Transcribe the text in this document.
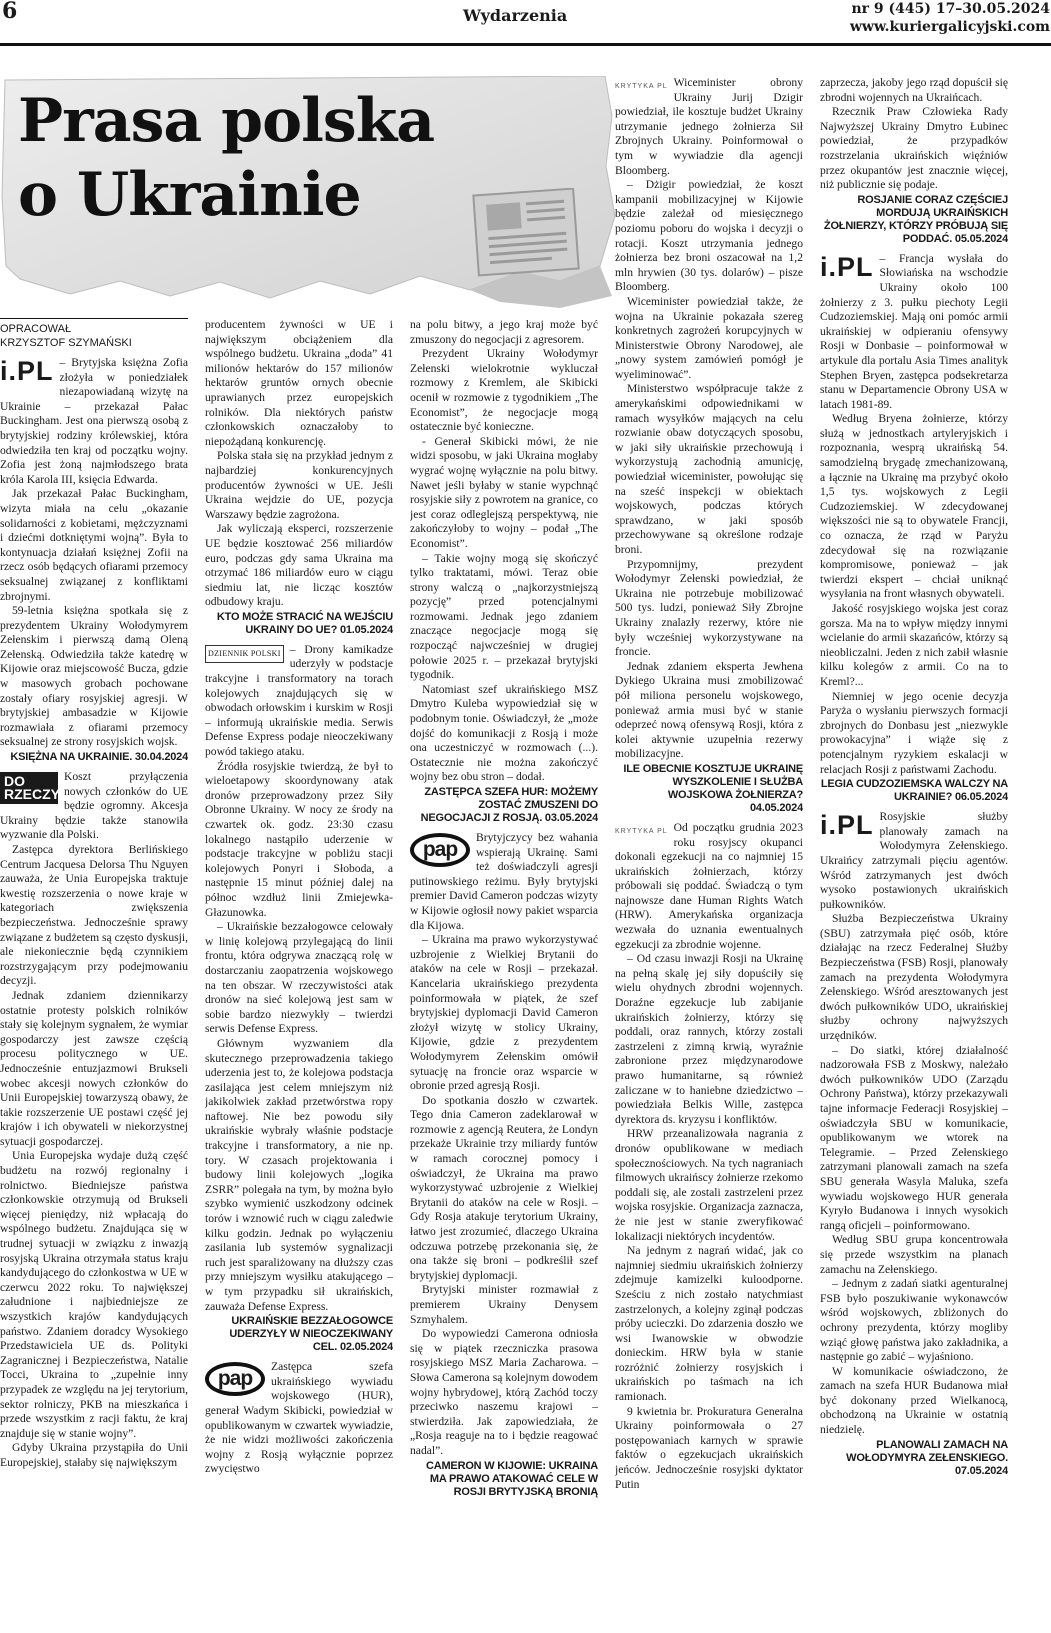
6	Wydarzenia	nr 9 (445) 17–30.05.2024
www.kuriergalicyjski.com
Prasa polska
o Ukrainie
OPRACOWAŁ
KRZYSZTOF SZYMAŃSKI
i.PL – Brytyjska księżna Zofia złożyła w poniedziałek niezapowiadaną wizytę na Ukrainie – przekazał Pałac Buckingham. Jest ona pierwszą osobą z brytyjskiej rodziny królewskiej, która odwiedziła ten kraj od początku wojny. Zofia jest żoną najmłodszego brata króla Karola III, księcia Edwarda.

Jak przekazał Pałac Buckingham, wizyta miała na celu „okazanie solidarności z kobietami, mężczyznami i dziećmi dotkniętymi wojną”. Była to kontynuacja działań księżnej Zofii na rzecz osób będących ofiarami przemocy seksualnej związanej z konfliktami zbrojnymi.

59-letnia księżna spotkała się z prezydentem Ukrainy Wołodymyrem Zełenskim i pierwszą damą Oleną Zełenską. Odwiedziła także katedrę w Kijowie oraz miejscowość Bucza, gdzie w masowych grobach pochowane zostały ofiary rosyjskiej agresji. W brytyjskiej ambasadzie w Kijowie rozmawiała z ofiarami przemocy seksualnej ze strony rosyjskich wojsk.

KSIĘŻNA NA UKRAINIE. 30.04.2024

DO RZECZY

Koszt przyłączenia nowych członków do UE będzie ogromny. Akcesja Ukrainy będzie także stanowiła wyzwanie dla Polski.

Zastępca dyrektora Berlińskiego Centrum Jacquesa Delorsa Thu Nguyen zauważa, że Unia Europejska traktuje kwestię rozszerzenia o nowe kraje w kategoriach zwiększenia bezpieczeństwa. Jednocześnie sprawy związane z budżetem są często dyskusji, ale niekoniecznie będą czynnikiem rozstrzygającym przy podejmowaniu decyzji.

Jednak zdaniem dziennikarzy ostatnie protesty polskich rolników stały się kolejnym sygnałem, że wymiar gospodarczy jest zawsze częścią procesu politycznego w UE. Jednocześnie entuzjazmowi Brukseli wobec akcesji nowych członków do Unii Europejskiej towarzyszą obawy, że takie rozszerzenie UE postawi część jej krajów i ich obywateli w niekorzystnej sytuacji gospodarczej.

Unia Europejska wydaje dużą część budżetu na rozwój regionalny i rolnictwo. Biedniejsze państwa członkowskie otrzymują od Brukseli więcej pieniędzy, niż wpłacają do wspólnego budżetu. Znajdująca się w trudnej sytuacji w związku z inwazją rosyjską Ukraina otrzymała status kraju kandydującego do członkostwa w UE w czerwcu 2022 roku. To największej załudnione i najbiedniejsze ze wszystkich krajów kandydujących państwo. Zdaniem doradcy Wysokiego Przedstawiciela UE ds. Polityki Zagranicznej i Bezpieczeństwa, Natalie Tocci, Ukraina to „zupełnie inny przypadek ze względu na jej terytorium, sektor rolniczy, PKB na mieszkańca i przede wszystkim z racji faktu, że kraj znajduje się w stanie wojny”.

Gdyby Ukraina przystąpiła do Unii Europejskiej, stałaby się największym

producentem żywności w UE i największym obciążeniem dla wspólnego budżetu. Ukraina „doda” 41 milionów hektarów do 157 milionów hektarów gruntów ornych obecnie uprawianych przez europejskich rolników. Dla niektórych państw członkowskich oznaczałoby to niepożądaną konkurencję.

Polska stała się na przykład jednym z najbardziej konkurencyjnych producentów żywności w UE. Jeśli Ukraina wejdzie do UE, pozycja Warszawy będzie zagrożona.

Jak wyliczają eksperci, rozszerzenie UE będzie kosztować 256 miliardów euro, podczas gdy sama Ukraina ma otrzymać 186 miliardów euro w ciągu siedmiu lat, nie licząc kosztów odbudowy kraju.

KTO MOŻE STRACIĆ NA WEJŚCIU UKRAINY DO UE? 01.05.2024

DZIENNIK POLSKI – Drony kamikadze uderzyły w podstacje trakcyjne i transformatory na torach kolejowych znajdujących się w obwodach orłowskim i kurskim w Rosji – informują ukraińskie media. Serwis Defense Express podaje nieoczekiwany powód takiego ataku.

Źródła rosyjskie twierdzą, że był to wieloetapowy skoordynowany atak dronów przeprowadzony przez Siły Obronne Ukrainy. W nocy ze środy na czwartek ok. godz. 23:30 czasu lokalnego nastąpiło uderzenie w podstacje trakcyjne w pobliżu stacji kolejowych Ponyri i Słoboda, a następnie 15 minut później dalej na północ wzdłuż linii Zmiejewka-Głazunowka.

– Ukraińskie bezzałogowce celowały w linię kolejową przylegającą do linii frontu, która odgrywa znaczącą rolę w dostarczaniu zaopatrzenia wojskowego na ten obszar. W rzeczywistości atak dronów na sieć kolejową jest sam w sobie bardzo niezwykły – twierdzi serwis Defense Express.

Głównym wyzwaniem dla skutecznego przeprowadzenia takiego uderzenia jest to, że kolejowa podstacja zasilająca jest celem mniejszym niż jakikolwiek zakład przetwórstwa ropy naftowej. Nie bez powodu siły ukraińskie wybrały właśnie podstacje trakcyjne i transformatory, a nie np. tory. W czasach projektowania i budowy linii kolejowych „logika ZSRR” polegała na tym, by można było szybko wymienić uszkodzony odcinek torów i wznowić ruch w ciągu zaledwie kilku godzin. Jednak po wyłączeniu zasilania lub systemów sygnalizacji ruch jest sparaliżowany na dłuższy czas przy mniejszym wysiłku atakującego – w tym przypadku sił ukraińskich, zauważa Defense Express.

UKRAIŃSKIE BEZZAŁOGOWCE UDERZYŁY W NIEOCZEKIWANY CEL. 02.05.2024

pap

Zastępca szefa ukraińskiego wywiadu wojskowego (HUR), generał Wadym Skibicki, powiedział w opublikowanym w czwartek wywiadzie, że nie widzi możliwości zakończenia wojny z Rosją wyłącznie poprzez zwycięstwo

na polu bitwy, a jego kraj może być zmuszony do negocjacji z agresorem.

Prezydent Ukrainy Wołodymyr Zełenski wielokrotnie wykluczał rozmowy z Kremlem, ale Skibicki ocenił w rozmowie z tygodnikiem „The Economist”, że negocjacje mogą ostatecznie być konieczne.

- Generał Skibicki mówi, że nie widzi sposobu, w jaki Ukraina mogłaby wygrać wojnę wyłącznie na polu bitwy. Nawet jeśli byłaby w stanie wypchnąć rosyjskie siły z powrotem na granice, co jest coraz odleglejszą perspektywą, nie zakończyłoby to wojny – podał „The Economist”.

– Takie wojny mogą się skończyć tylko traktatami, mówi. Teraz obie strony walczą o „najkorzystniejszą pozycję” przed potencjalnymi rozmowami. Jednak jego zdaniem znaczące negocjacje mogą się rozpocząć najwcześniej w drugiej połowie 2025 r. – przekazał brytyjski tygodnik.

Natomiast szef ukraińskiego MSZ Dmytro Kuleba wypowiedział się w podobnym tonie. Oświadczył, że „może dojść do komunikacji z Rosją i może ona uczestniczyć w rozmowach (...). Ostatecznie nie można zakończyć wojny bez obu stron – dodał.

ZASTĘPCA SZEFA HUR: MOŻEMY ZOSTAĆ ZMUSZENI DO NEGOCJACJI Z ROSJĄ. 03.05.2024

pap

Brytyjczycy bez wahania wspierają Ukrainę. Sami też doświadczyli agresji putinowskiego reżimu. Były brytyjski premier David Cameron podczas wizyty w Kijowie ogłosił nowy pakiet wsparcia dla Kijowa.

– Ukraina ma prawo wykorzystywać uzbrojenie z Wielkiej Brytanii do ataków na cele w Rosji – przekazał. Kancelaria ukraińskiego prezydenta poinformowała w piątek, że szef brytyjskiej dyplomacji David Cameron złożył wizytę w stolicy Ukrainy, Kijowie, gdzie z prezydentem Wołodymyrem Zełenskim omówił sytuację na froncie oraz wsparcie w obronie przed agresją Rosji.

Do spotkania doszło w czwartek. Tego dnia Cameron zadeklarował w rozmowie z agencją Reutera, że Londyn przekaże Ukrainie trzy miliardy funtów w ramach corocznej pomocy i oświadczył, że Ukraina ma prawo wykorzystywać uzbrojenie z Wielkiej Brytanii do ataków na cele w Rosji. – Gdy Rosja atakuje terytorium Ukrainy, łatwo jest zrozumieć, dlaczego Ukraina odczuwa potrzebę przekonania się, że ona także się broni – podkreślił szef brytyjskiej dyplomacji.

Brytyjski minister rozmawiał z premierem Ukrainy Denysem Szmyhalem.

Do wypowiedzi Camerona odniosła się w piątek rzeczniczka prasowa rosyjskiego MSZ Maria Zacharowa. – Słowa Camerona są kolejnym dowodem wojny hybrydowej, którą Zachód toczy przeciwko naszemu krajowi – stwierdziła. Jak zapowiedziała, że „Rosja reaguje na to i będzie reagować nadal”.

CAMERON W KIJOWIE: UKRAINA MA PRAWO ATAKOWAĆ CELE W ROSJI BRYTYJSKĄ BRONIĄ

KRYTYKA PL Wiceminister obrony Ukrainy Jurij Dzigir powiedział, ile kosztuje budżet Ukrainy utrzymanie jednego żołnierza Sił Zbrojnych Ukrainy. Poinformował o tym w wywiadzie dla agencji Bloomberg.

– Dżigir powiedział, że koszt kampanii mobilizacyjnej w Kijowie będzie zależał od miesięcznego poziomu poboru do wojska i decyzji o rotacji. Koszt utrzymania jednego żołnierza bez broni oszacował na 1,2 mln hrywien (30 tys. dolarów) – pisze Bloomberg.

Wiceminister powiedział także, że wojna na Ukrainie pokazała szereg konkretnych zagrożeń korupcyjnych w Ministerstwie Obrony Narodowej, ale „nowy system zamówień pomógł je wyeliminować”.

Ministerstwo współpracuje także z amerykańskimi odpowiednikami w ramach wysyłków mających na celu rozwianie obaw dotyczących sposobu, w jaki siły ukraińskie przechowują i wykorzystują zachodnią amunicję, powiedział wiceminister, powołując się na sześć inspekcji w obiektach wojskowych, podczas których sprawdzano, w jaki sposób przechowywane są określone rodzaje broni.

Przypomnijmy, prezydent Wołodymyr Zełenski powiedział, że Ukraina nie potrzebuje mobilizować 500 tys. ludzi, ponieważ Siły Zbrojne Ukrainy znalazły rezerwy, które nie były wcześniej wykorzystywane na froncie.

Jednak zdaniem eksperta Jewhena Dykiego Ukraina musi zmobilizować pół miliona personelu wojskowego, ponieważ armia musi być w stanie odeprzeć nową ofensywą Rosji, która z kolei aktywnie uzupełnia rezerwy mobilizacyjne.

ILE OBECNIE KOSZTUJE UKRAINĘ WYSZKOLENIE I SŁUŻBA WOJSKOWA ŻOŁNIERZA? 04.05.2024

KRYTYKA PL Od początku grudnia 2023 roku rosyjscy okupanci dokonali egzekucji na co najmniej 15 ukraińskich żołnierzach, którzy próbowali się poddać. Świadczą o tym najnowsze dane Human Rights Watch (HRW). Amerykańska organizacja wezwała do uznania ewentualnych egzekucji za zbrodnie wojenne.

– Od czasu inwazji Rosji na Ukrainę na pełną skalę jej siły dopuściły się wielu ohydnych zbrodni wojennych. Doraźne egzekucje lub zabijanie ukraińskich żołnierzy, którzy się poddali, oraz rannych, którzy zostali zastrzeleni z zimną krwią, wyraźnie zabronione przez międzynarodowe prawo humanitarne, są również zaliczane w to haniebne dziedzictwo – powiedziała Belkis Wille, zastępca dyrektora ds. kryzysu i konfliktów.

HRW przeanalizowała nagrania z dronów opublikowane w mediach społecznościowych. Na tych nagraniach filmowych ukraińscy żołnierze rzekomo poddali się, ale zostali zastrzeleni przez wojska rosyjskie. Organizacja zaznacza, że nie jest w stanie zweryfikować lokalizacji niektórych incydentów.

Na jednym z nagrań widać, jak co najmniej siedmiu ukraińskich żołnierzy zdejmuje kamizelki kuloodporne. Sześciu z nich zostało natychmiast zastrzelonych, a kolejny zginął podczas próby ucieczki. Do zdarzenia doszło we wsi Iwanowskie w obwodzie donieckim. HRW była w stanie rozróżnić żołnierzy rosyjskich i ukraińskich po taśmach na ich ramionach.

9 kwietnia br. Prokuratura Generalna Ukrainy poinformowała o 27 postępowaniach karnych w sprawie faktów o egzekucjach ukraińskich jeńców. Jednocześnie rosyjski dyktator Putin

zaprzecza, jakoby jego rząd dopuścił się zbrodni wojennych na Ukraińcach.

Rzecznik Praw Człowieka Rady Najwyższej Ukrainy Dmytro Łubinec powiedział, że przypadków rozstrzelania ukraińskich więźniów przez okupantów jest znacznie więcej, niż publicznie się podaje.

ROSJANIE CORAZ CZĘŚCIEJ MORDUJĄ UKRAIŃSKICH ŻOŁNIERZY, KTÓRZY PRÓBUJĄ SIĘ PODDAĆ. 05.05.2024

i.PL – Francja wysłała do Słowiańska na wschodzie Ukrainy około 100 żołnierzy z 3. pułku piechoty Legii Cudzoziemskiej. Mają oni pomóc armii ukraińskiej w odpieraniu ofensywy Rosji w Donbasie – poinformował w artykule dla portalu Asia Times analityk Stephen Bryen, zastępca podsekretarza stanu w Departamencie Obrony USA w latach 1981-89.

Według Bryena żołnierze, którzy służą w jednostkach artyleryjskich i rozpoznania, wesprą ukraińską 54. samodzielną brygadę zmechanizowaną, a łącznie na Ukrainę ma przybyć około 1,5 tys. wojskowych z Legii Cudzoziemskiej. W zdecydowanej większości nie są to obywatele Francji, co oznacza, że rząd w Paryżu zdecydował się na rozwiązanie kompromisowe, ponieważ – jak twierdzi ekspert – chciał uniknąć wysyłania na front własnych obywateli.

Jakość rosyjskiego wojska jest coraz gorsza. Ma na to wpływ między innymi wcielanie do armii skazańców, którzy są nieobliczalni. Jeden z nich zabił własnie kilku kolegów z armii. Co na to Kreml?...

Niemniej w jego ocenie decyzja Paryża o wysłaniu pierwszych formacji zbrojnych do Donbasu jest „niezwykle prowokacyjna” i wiąże się z potencjalnym ryzykiem eskalacji w relacjach Rosji z państwami Zachodu.

LEGIA CUDZOZIEMSKA WALCZY NA UKRAINIE? 06.05.2024

i.PL Rosyjskie służby planowały zamach na Wołodymyra Zełenskiego. Ukraińcy zatrzymali pięciu agentów. Wśród zatrzymanych jest dwóch wysoko postawionych ukraińskich pułkowników.

Służba Bezpieczeństwa Ukrainy (SBU) zatrzymała pięć osób, które działając na rzecz Federalnej Służby Bezpieczeństwa (FSB) Rosji, planowały zamach na prezydenta Wołodymyra Zełenskiego. Wśród aresztowanych jest dwóch pułkowników UDO, ukraińskiej służby ochrony najwyższych urzędników.

– Do siatki, której działalność nadzorowała FSB z Moskwy, należało dwóch pułkowników UDO (Zarządu Ochrony Państwa), którzy przekazywali tajne informacje Federacji Rosyjskiej – oświadczyła SBU w komunikacie, opublikowanym we wtorek na Telegramie. – Przed Zełenskiego zatrzymani planowali zamach na szefa SBU generała Wasyla Maluka, szefa wywiadu wojskowego HUR generała Kyryło Budanowa i innych wysokich rangą oficjeli – poinformowano.

Według SBU grupa koncentrowała się przede wszystkim na planach zamachu na Zełenskiego.

– Jednym z zadań siatki agenturalnej FSB było poszukiwanie wykonawców wśród wojskowych, zbliżonych do ochrony prezydenta, którzy mogliby wziąć głowę państwa jako zakładnika, a następnie go zabić – wyjaśniono.

W komunikacie oświadczono, że zamach na szefa HUR Budanowa miał być dokonany przed Wielkanocą, obchodzoną na Ukrainie w ostatnią niedzielę.

PLANOWALI ZAMACH NA WOŁODYMYRA ZEŁENSKIEGO. 07.05.2024
